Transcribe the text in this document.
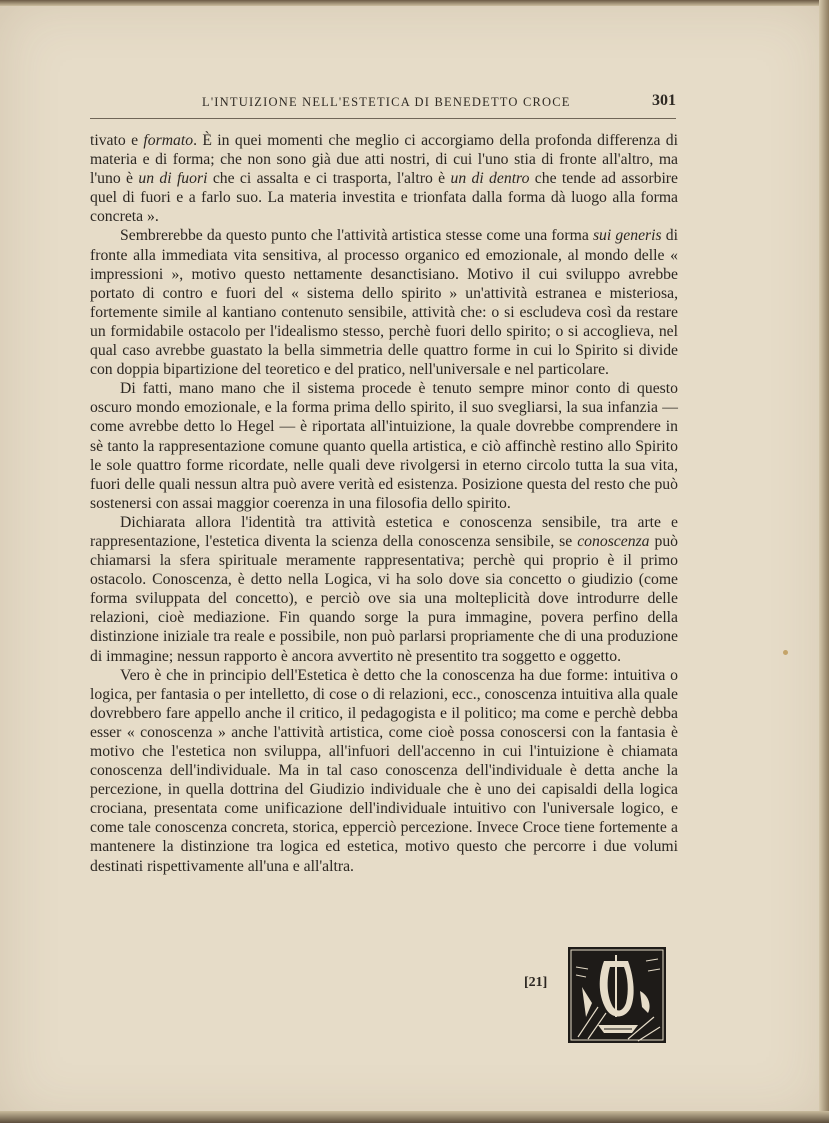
L'INTUIZIONE NELL'ESTETICA DI BENEDETTO CROCE	301

tivato e formato. È in quei momenti che meglio ci accorgiamo della profonda differenza di materia e di forma; che non sono già due atti nostri, di cui l'uno stia di fronte all'altro, ma l'uno è un di fuori che ci assalta e ci trasporta, l'altro è un di dentro che tende ad assorbire quel di fuori e a farlo suo. La materia investita e trionfata dalla forma dà luogo alla forma concreta ».

Sembrerebbe da questo punto che l'attività artistica stesse come una forma sui generis di fronte alla immediata vita sensitiva, al processo organico ed emozionale, al mondo delle « impressioni », motivo questo nettamente desanctisiano. Motivo il cui sviluppo avrebbe portato di contro e fuori del « sistema dello spirito » un'attività estranea e misteriosa, fortemente simile al kantiano contenuto sensibile, attività che: o si escludeva così da restare un formidabile ostacolo per l'idealismo stesso, perchè fuori dello spirito; o si accoglieva, nel qual caso avrebbe guastato la bella simmetria delle quattro forme in cui lo Spirito si divide con doppia bipartizione del teoretico e del pratico, nell'universale e nel particolare.

Di fatti, mano mano che il sistema procede è tenuto sempre minor conto di questo oscuro mondo emozionale, e la forma prima dello spirito, il suo svegliarsi, la sua infanzia — come avrebbe detto lo Hegel — è riportata all'intuizione, la quale dovrebbe comprendere in sè tanto la rappresentazione comune quanto quella artistica, e ciò affinchè restino allo Spirito le sole quattro forme ricordate, nelle quali deve rivolgersi in eterno circolo tutta la sua vita, fuori delle quali nessun altra può avere verità ed esistenza. Posizione questa del resto che può sostenersi con assai maggior coerenza in una filosofia dello spirito.

Dichiarata allora l'identità tra attività estetica e conoscenza sensibile, tra arte e rappresentazione, l'estetica diventa la scienza della conoscenza sensibile, se conoscenza può chiamarsi la sfera spirituale meramente rappresentativa; perchè qui proprio è il primo ostacolo. Conoscenza, è detto nella Logica, vi ha solo dove sia concetto o giudizio (come forma sviluppata del concetto), e perciò ove sia una molteplicità dove introdurre delle relazioni, cioè mediazione. Fin quando sorge la pura immagine, povera perfino della distinzione iniziale tra reale e possibile, non può parlarsi propriamente che di una produzione di immagine; nessun rapporto è ancora avvertito nè presentito tra soggetto e oggetto.

Vero è che in principio dell'Estetica è detto che la conoscenza ha due forme: intuitiva o logica, per fantasia o per intelletto, di cose o di relazioni, ecc., conoscenza intuitiva alla quale dovrebbero fare appello anche il critico, il pedagogista e il politico; ma come e perchè debba esser « conoscenza » anche l'attività artistica, come cioè possa conoscersi con la fantasia è motivo che l'estetica non sviluppa, all'infuori dell'accenno in cui l'intuizione è chiamata conoscenza dell'individuale. Ma in tal caso conoscenza dell'individuale è detta anche la percezione, in quella dottrina del Giudizio individuale che è uno dei capisaldi della logica crociana, presentata come unificazione dell'individuale intuitivo con l'universale logico, e come tale conoscenza concreta, storica, epperciò percezione. Invece Croce tiene fortemente a mantenere la distinzione tra logica ed estetica, motivo questo che percorre i due volumi destinati rispettivamente all'una e all'altra.

[21]
